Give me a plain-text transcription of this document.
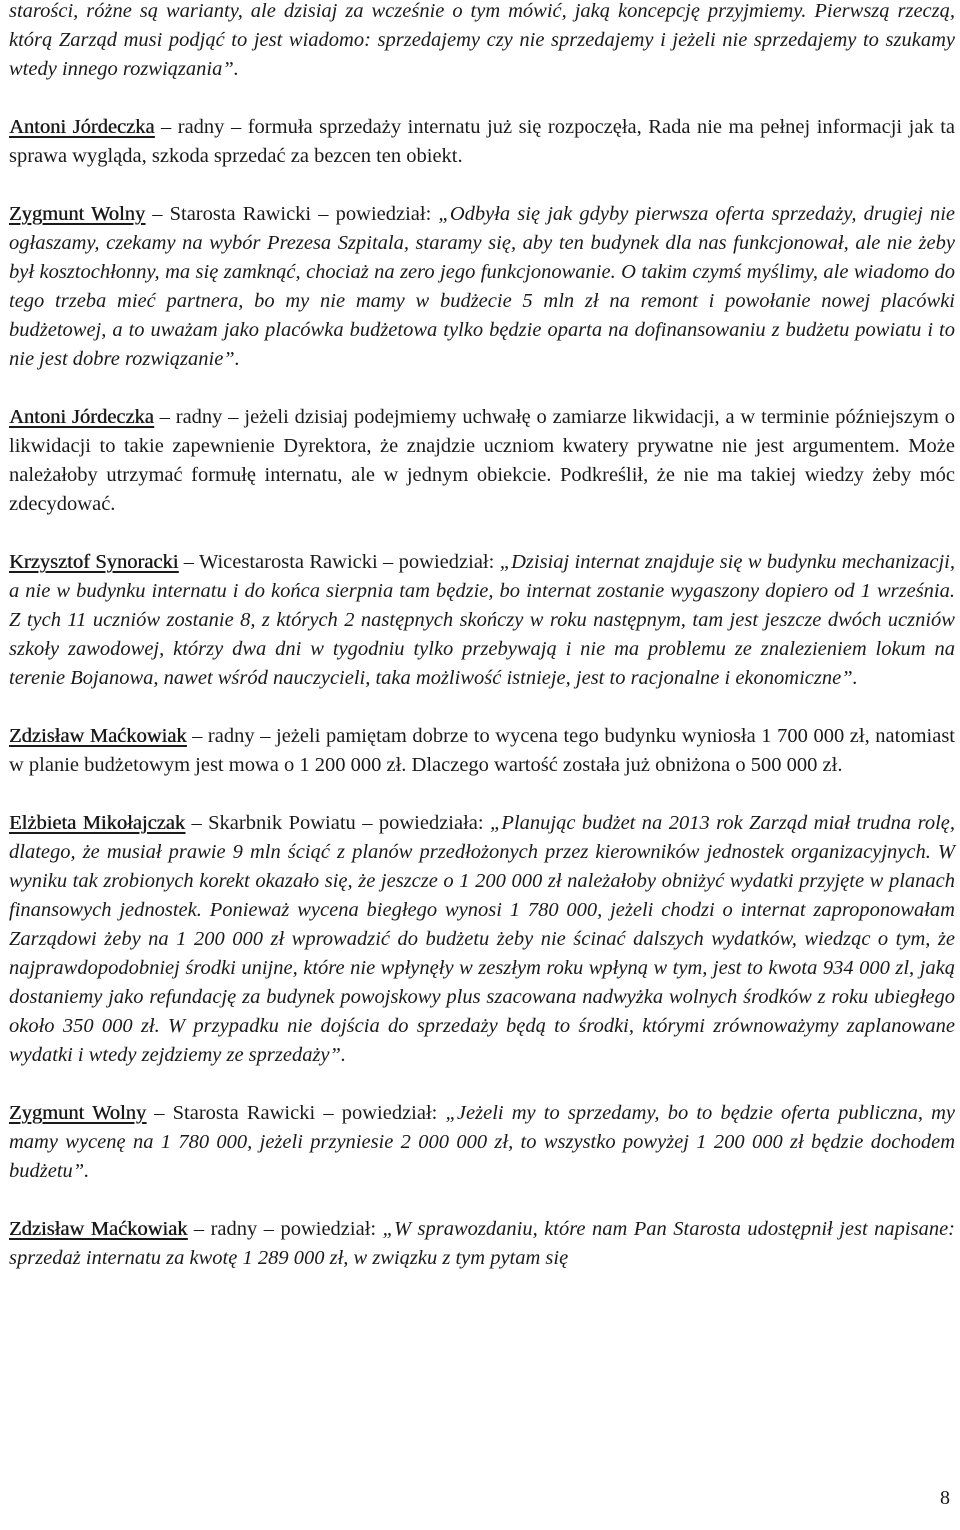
starości, różne są warianty, ale dzisiaj za wcześnie o tym mówić, jaką koncepcję przyjmiemy. Pierwszą rzeczą, którą Zarząd musi podjąć to jest wiadomo: sprzedajemy czy nie sprzedajemy i jeżeli nie sprzedajemy to szukamy wtedy innego rozwiązania”.

Antoni Jórdeczka – radny – formuła sprzedaży internatu już się rozpoczęła, Rada nie ma pełnej informacji jak ta sprawa wygląda, szkoda sprzedać za bezcen ten obiekt.

Zygmunt Wolny – Starosta Rawicki – powiedział: „Odbyła się jak gdyby pierwsza oferta sprzedaży, drugiej nie ogłaszamy, czekamy na wybór Prezesa Szpitala, staramy się, aby ten budynek dla nas funkcjonował, ale nie żeby był kosztochłonny, ma się zamknąć, chociaż na zero jego funkcjonowanie. O takim czymś myślimy, ale wiadomo do tego trzeba mieć partnera, bo my nie mamy w budżecie 5 mln zł na remont i powołanie nowej placówki budżetowej, a to uważam jako placówka budżetowa tylko będzie oparta na dofinansowaniu z budżetu powiatu i to nie jest dobre rozwiązanie”.

Antoni Jórdeczka – radny – jeżeli dzisiaj podejmiemy uchwałę o zamiarze likwidacji, a w terminie późniejszym o likwidacji to takie zapewnienie Dyrektora, że znajdzie uczniom kwatery prywatne nie jest argumentem. Może należałoby utrzymać formułę internatu, ale w jednym obiekcie. Podkreślił, że nie ma takiej wiedzy żeby móc zdecydować.

Krzysztof Synoracki – Wicestarosta Rawicki – powiedział: „Dzisiaj internat znajduje się w budynku mechanizacji, a nie w budynku internatu i do końca sierpnia tam będzie, bo internat zostanie wygaszony dopiero od 1 września. Z tych 11 uczniów zostanie 8, z których 2 następnych skończy w roku następnym, tam jest jeszcze dwóch uczniów szkoły zawodowej, którzy dwa dni w tygodniu tylko przebywają i nie ma problemu ze znalezieniem lokum na terenie Bojanowa, nawet wśród nauczycieli, taka możliwość istnieje, jest to racjonalne i ekonomiczne”.

Zdzisław Maćkowiak – radny – jeżeli pamiętam dobrze to wycena tego budynku wyniosła 1 700 000 zł, natomiast w planie budżetowym jest mowa o 1 200 000 zł. Dlaczego wartość została już obniżona o 500 000 zł.

Elżbieta Mikołajczak – Skarbnik Powiatu – powiedziała: „Planując budżet na 2013 rok Zarząd miał trudna rolę, dlatego, że musiał prawie 9 mln ściąć z planów przedłożonych przez kierowników jednostek organizacyjnych. W wyniku tak zrobionych korekt okazało się, że jeszcze o 1 200 000 zł należałoby obniżyć wydatki przyjęte w planach finansowych jednostek. Ponieważ wycena biegłego wynosi 1 780 000, jeżeli chodzi o internat zaproponowałam Zarządowi żeby na 1 200 000 zł wprowadzić do budżetu żeby nie ścinać dalszych wydatków, wiedząc o tym, że najprawdopodobniej środki unijne, które nie wpłynęły w zeszłym roku wpłyną w tym, jest to kwota 934 000 zl, jaką dostaniemy jako refundację za budynek powojskowy plus szacowana nadwyżka wolnych środków z roku ubiegłego około 350 000 zł. W przypadku nie dojścia do sprzedaży będą to środki, którymi zrównoważymy zaplanowane wydatki i wtedy zejdziemy ze sprzedaży”.

Zygmunt Wolny – Starosta Rawicki – powiedział: „Jeżeli my to sprzedamy, bo to będzie oferta publiczna, my mamy wycenę na 1 780 000, jeżeli przyniesie 2 000 000 zł, to wszystko powyżej 1 200 000 zł będzie dochodem budżetu”.

Zdzisław Maćkowiak – radny – powiedział: „W sprawozdaniu, które nam Pan Starosta udostępnił jest napisane: sprzedaż internatu za kwotę 1 289 000 zł, w związku z tym pytam się

8
